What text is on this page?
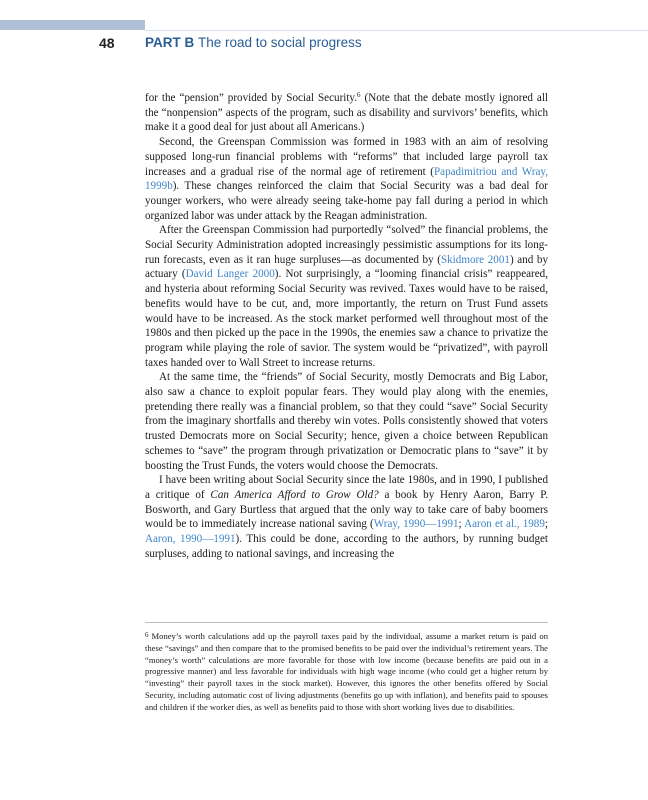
48 PART B The road to social progress

for the “pension” provided by Social Security.$^6$ (Note that the debate mostly ignored all the “nonpension” aspects of the program, such as disability and survivors’ benefits, which make it a good deal for just about all Americans.)

Second, the Greenspan Commission was formed in 1983 with an aim of resolving supposed long-run financial problems with “reforms” that included large payroll tax increases and a gradual rise of the normal age of retirement (Papadimitriou and Wray, 1999b). These changes reinforced the claim that Social Security was a bad deal for younger workers, who were already seeing take-home pay fall during a period in which organized labor was under attack by the Reagan administration.

After the Greenspan Commission had purportedly “solved” the financial problems, the Social Security Administration adopted increasingly pessimistic assumptions for its long-run forecasts, even as it ran huge surpluses—as documented by (Skidmore 2001) and by actuary (David Langer 2000). Not surprisingly, a “looming financial crisis” reappeared, and hysteria about reforming Social Security was revived. Taxes would have to be raised, benefits would have to be cut, and, more importantly, the return on Trust Fund assets would have to be increased. As the stock market performed well throughout most of the 1980s and then picked up the pace in the 1990s, the enemies saw a chance to privatize the program while playing the role of savior. The system would be “privatized”, with payroll taxes handed over to Wall Street to increase returns.

At the same time, the “friends” of Social Security, mostly Democrats and Big Labor, also saw a chance to exploit popular fears. They would play along with the enemies, pretending there really was a financial problem, so that they could “save” Social Security from the imaginary shortfalls and thereby win votes. Polls consistently showed that voters trusted Democrats more on Social Security; hence, given a choice between Republican schemes to “save” the program through privatization or Democratic plans to “save” it by boosting the Trust Funds, the voters would choose the Democrats.

I have been writing about Social Security since the late 1980s, and in 1990, I published a critique of Can America Afford to Grow Old? a book by Henry Aaron, Barry P. Bosworth, and Gary Burtless that argued that the only way to take care of baby boomers would be to immediately increase national saving (Wray, 1990—1991; Aaron et al., 1989; Aaron, 1990—1991). This could be done, according to the authors, by running budget surpluses, adding to national savings, and increasing the

$^6$ Money’s worth calculations add up the payroll taxes paid by the individual, assume a market return is paid on these “savings” and then compare that to the promised benefits to be paid over the individual’s retirement years. The “money’s worth” calculations are more favorable for those with low income (because benefits are paid out in a progressive manner) and less favorable for individuals with high wage income (who could get a higher return by “investing” their payroll taxes in the stock market). However, this ignores the other benefits offered by Social Security, including automatic cost of living adjustments (benefits go up with inflation), and benefits paid to spouses and children if the worker dies, as well as benefits paid to those with short working lives due to disabilities.
